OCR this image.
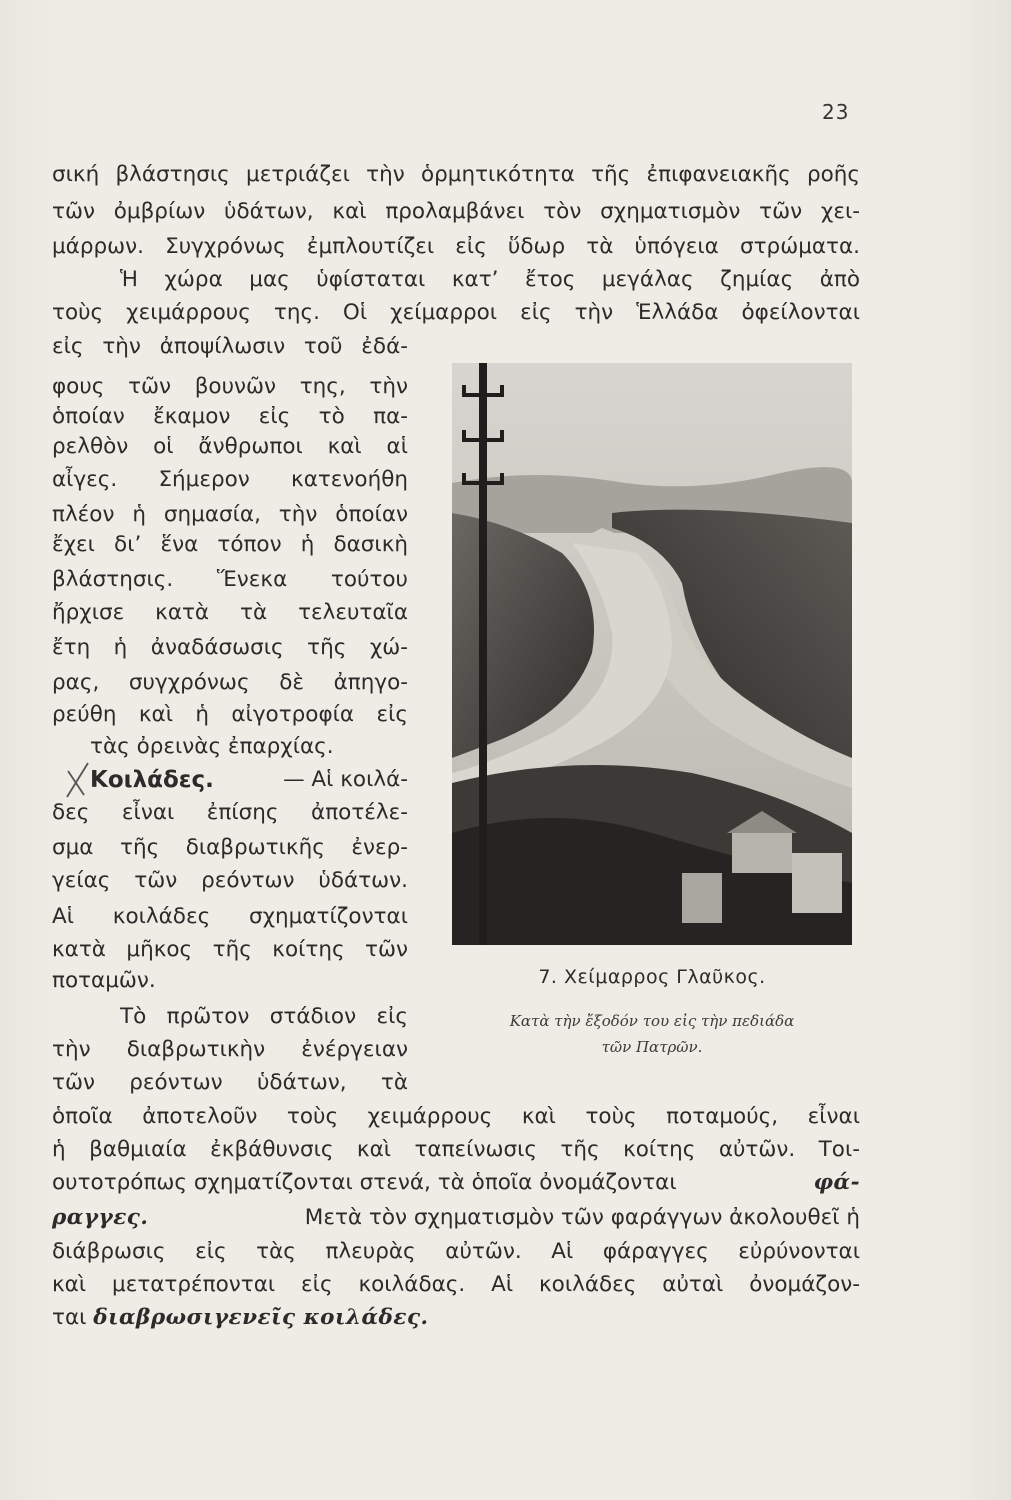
23
σική βλάστησις μετριάζει τὴν ὁρμητικότητα τῆς ἐπιφανειακῆς ροῆς
τῶν ὀμβρίων ὑδάτων, καὶ προλαμβάνει τὸν σχηματισμὸν τῶν χει-
μάρρων. Συγχρόνως ἐμπλουτίζει εἰς ὕδωρ τὰ ὑπόγεια στρώματα.
Ἡ χώρα μας ὑφίσταται κατ’ ἔτος μεγάλας ζημίας ἀπὸ
τοὺς χειμάρρους της. Οἱ χείμαρροι εἰς τὴν Ἑλλάδα ὀφείλονται
εἰς τὴν ἀποψίλωσιν τοῦ ἐδά-
φους τῶν βουνῶν της, τὴν
ὁποίαν ἔκαμον εἰς τὸ πα-
ρελθὸν οἱ ἄνθρωποι καὶ αἱ
αἶγες. Σήμερον κατενοήθη
πλέον ἡ σημασία, τὴν ὁποίαν
ἔχει δι’ ἕνα τόπον ἡ δασικὴ
βλάστησις. Ἕνεκα τούτου
ἤρχισε κατὰ τὰ τελευταῖα
ἔτη ἡ ἀναδάσωσις τῆς χώ-
ρας, συγχρόνως δὲ ἀπηγο-
ρεύθη καὶ ἡ αἰγοτροφία εἰς
τὰς ὀρεινὰς ἐπαρχίας.
Κοιλάδες.	— Αἱ κοιλά-
δες εἶναι ἐπίσης ἀποτέλε-
σμα τῆς διαβρωτικῆς ἐνερ-
γείας τῶν ρεόντων ὑδάτων.
Αἱ κοιλάδες σχηματίζονται
κατὰ μῆκος τῆς κοίτης τῶν
ποταμῶν.
Τὸ πρῶτον στάδιον εἰς
τὴν διαβρωτικὴν ἐνέργειαν
τῶν ρεόντων ὑδάτων, τὰ
ὁποῖα ἀποτελοῦν τοὺς χειμάρρους καὶ τοὺς ποταμούς, εἶναι
ἡ βαθμιαία ἐκβάθυνσις καὶ ταπείνωσις τῆς κοίτης αὐτῶν. Τοι-
ουτοτρόπως σχηματίζονται στενά, τὰ ὁποῖα ὀνομάζονται	φά-
ραγγες.	Μετὰ τὸν σχηματισμὸν τῶν φαράγγων ἀκολουθεῖ ἡ
διάβρωσις εἰς τὰς πλευρὰς αὐτῶν. Αἱ φάραγγες εὐρύνονται
καὶ μετατρέπονται εἰς κοιλάδας. Αἱ κοιλάδες αὐταὶ ὀνομάζον-
ται διαβρωσιγενεῖς κοιλάδες.
7. Χείμαρρος Γλαῦκος.
Κατὰ τὴν ἔξοδόν του εἰς τὴν πεδιάδα
τῶν Πατρῶν.
